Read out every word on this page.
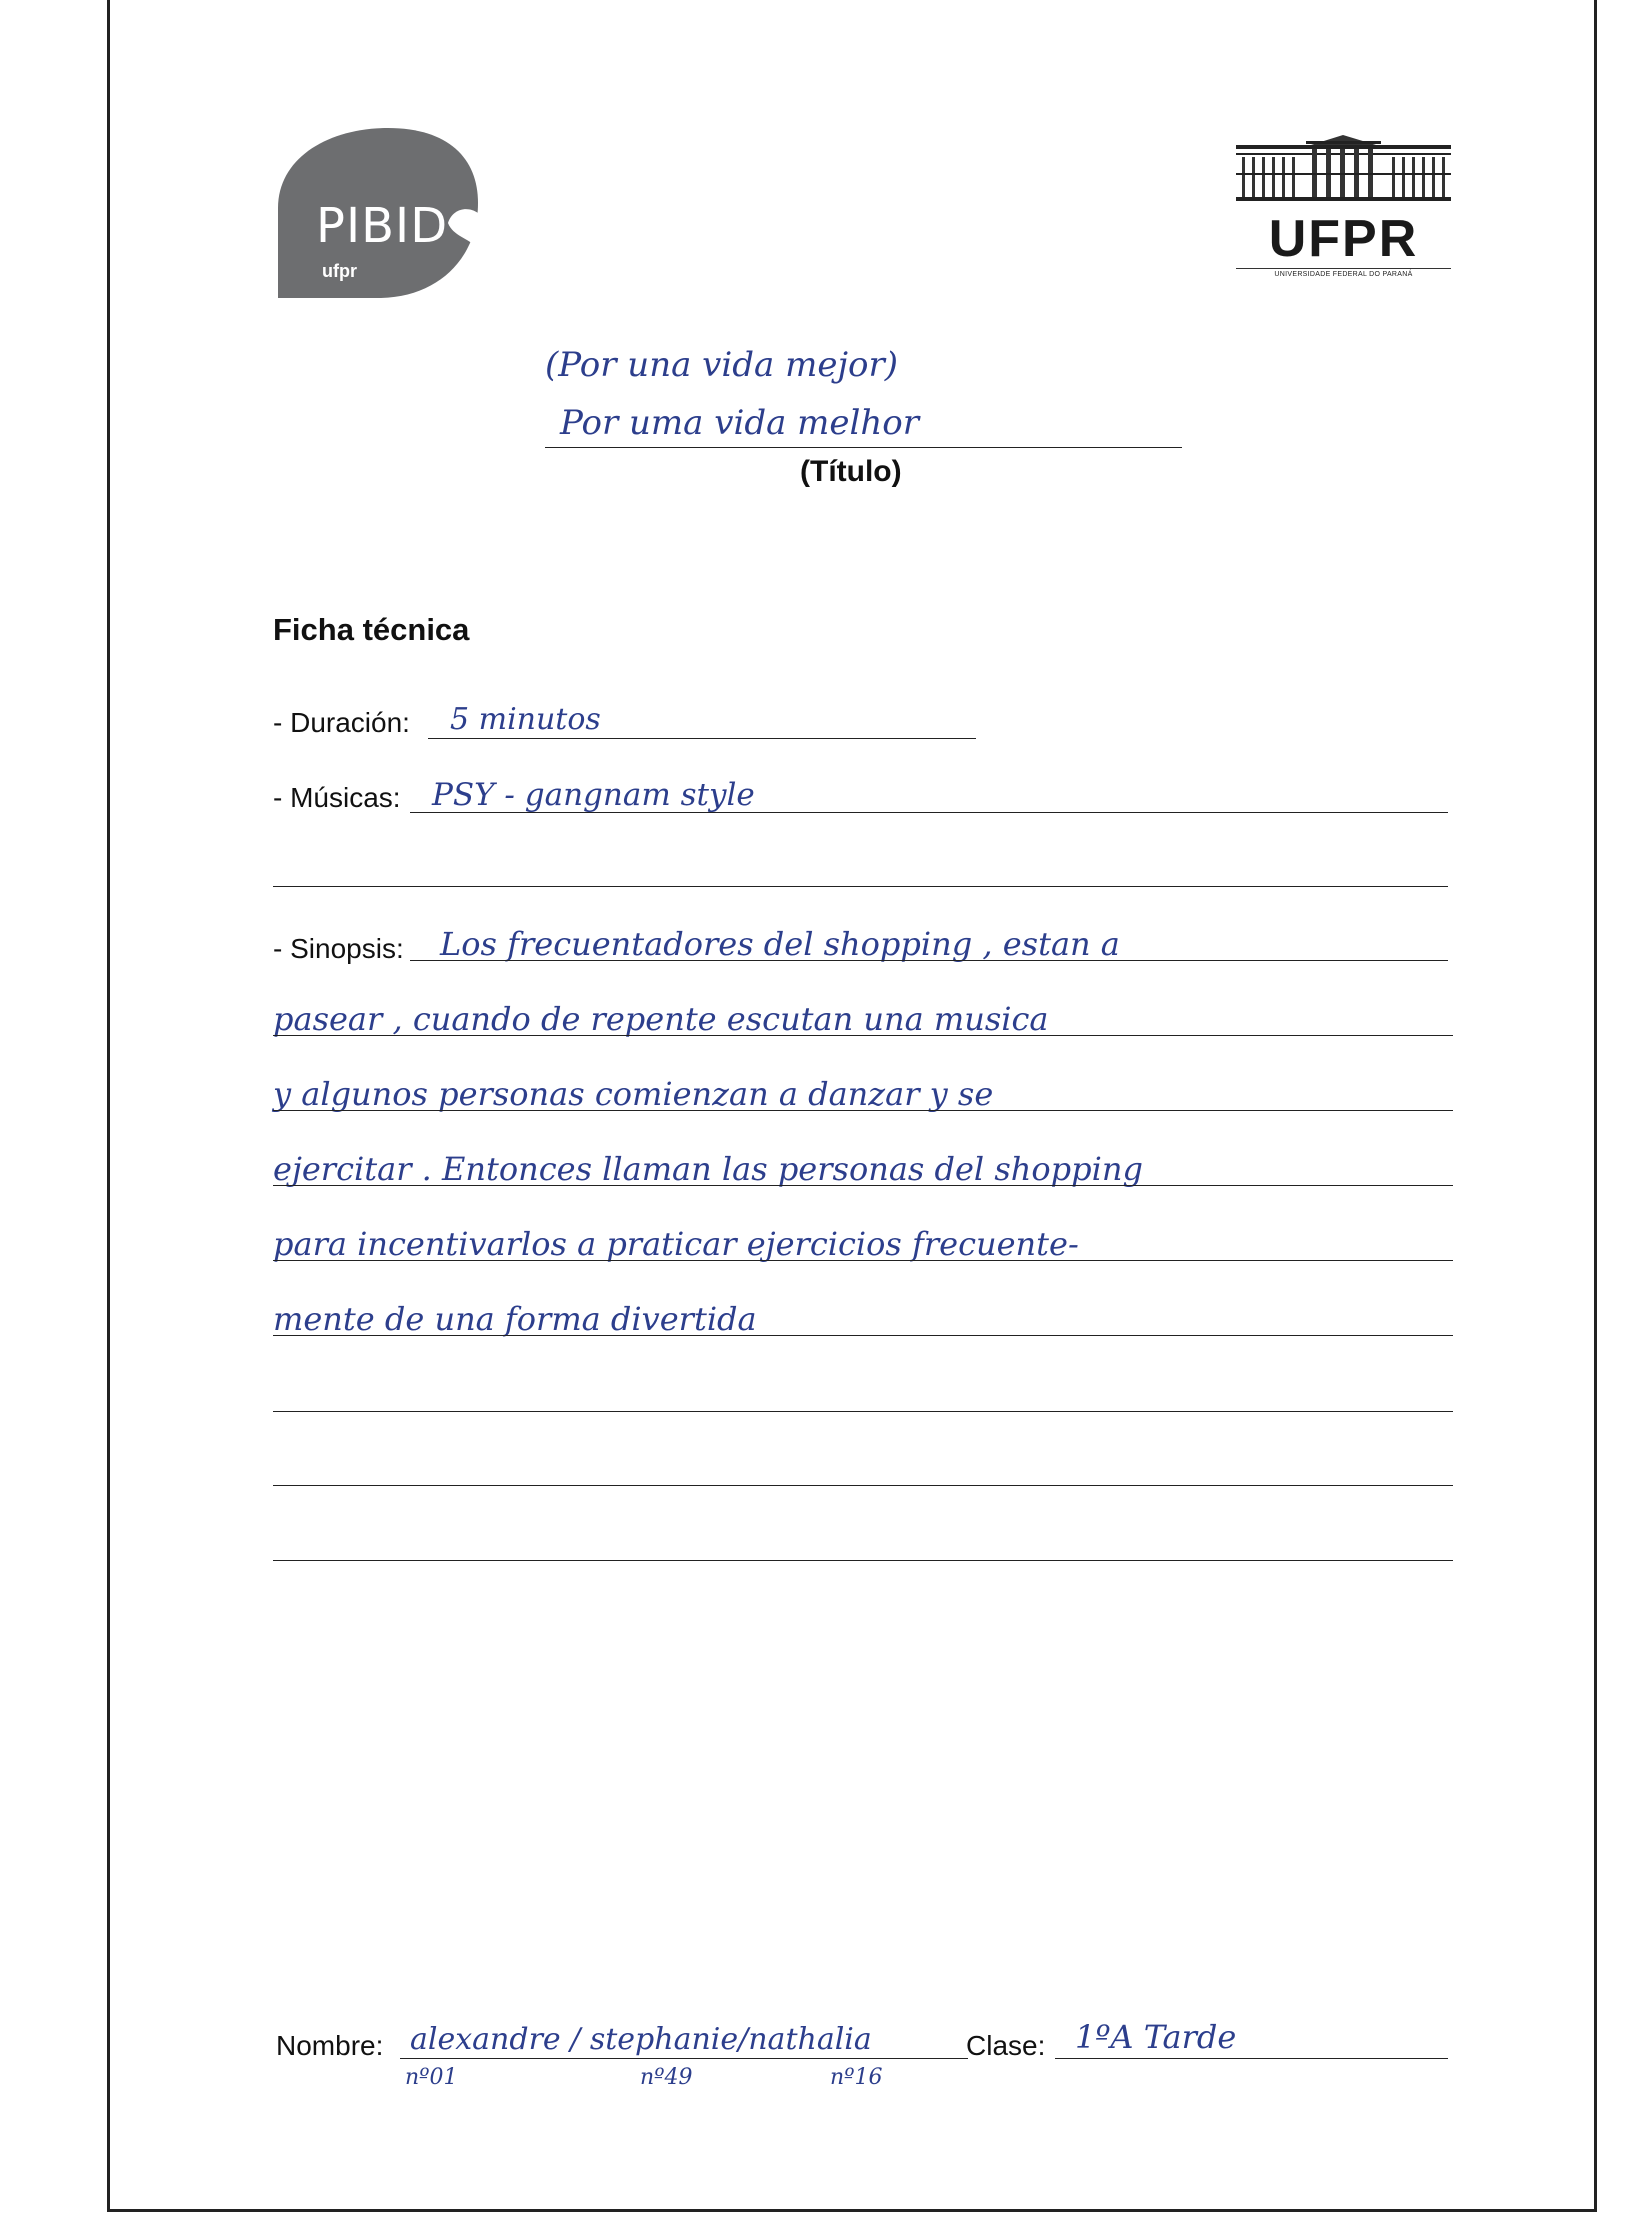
PIBID
ufpr
UFPR
UNIVERSIDADE FEDERAL DO PARANÁ
(Por una vida mejor)
Por uma vida melhor
(Título)
Ficha técnica
- Duración: 5 minutos
- Músicas: PSY - gangnam style
- Sinopsis: Los frecuentadores del shopping , estan a
pasear , cuando de repente escutan una musica
y algunos personas comienzan a danzar y se
ejercitar . Entonces llaman las personas del shopping
para incentivarlos a praticar ejercicios frecuente-
mente de una forma divertida
Nombre: alexandre / stephanie/nathalia
nº01	nº49	nº16
Clase: 1ºA Tarde
